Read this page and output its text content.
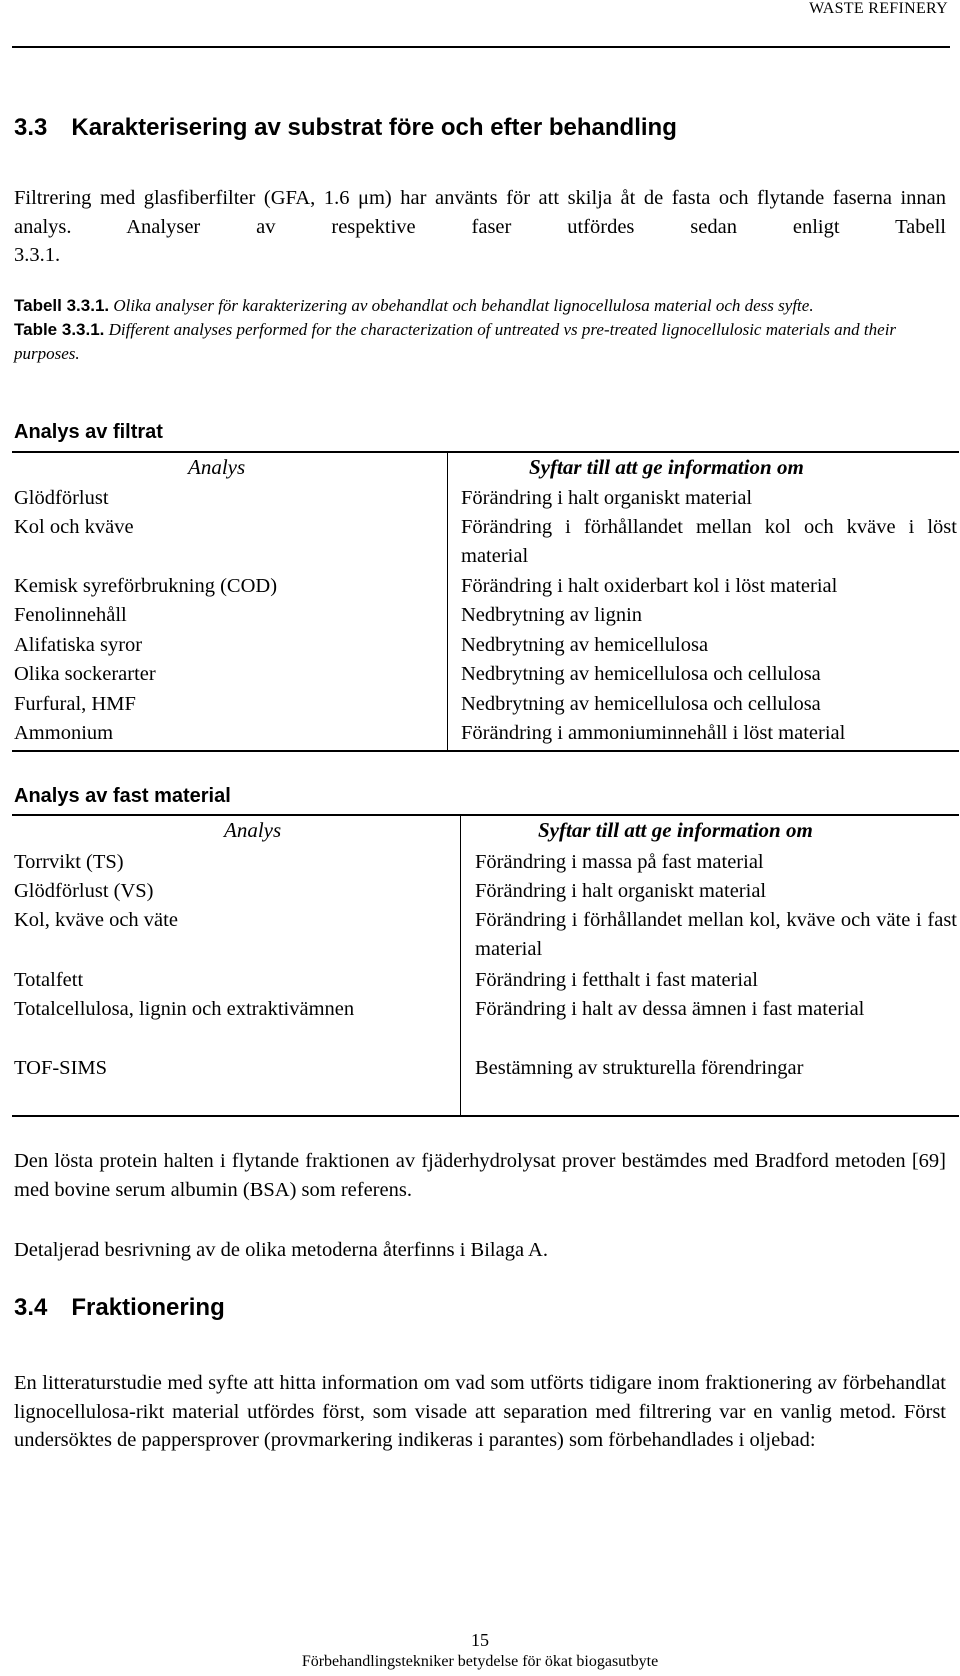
WASTE REFINERY
3.3 Karakterisering av substrat före och efter behandling
Filtrering med glasfiberfilter (GFA, 1.6 μm) har använts för att skilja åt de fasta och flytande faserna innan analys. Analyser av respektive faser utfördes sedan enligt Tabell
3.3.1.
Tabell 3.3.1. Olika analyser för karakterizering av obehandlat och behandlat lignocellulosa material och dess syfte.
Table 3.3.1. Different analyses performed for the characterization of untreated vs pre-treated lignocellulosic materials and their purposes.
Analys av filtrat
Analys	Syftar till att ge information om
Glödförlust	Förändring i halt organiskt material
Kol och kväve	Förändring i förhållandet mellan kol och kväve i löst material
Kemisk syreförbrukning (COD)	Förändring i halt oxiderbart kol i löst material
Fenolinnehåll	Nedbrytning av lignin
Alifatiska syror	Nedbrytning av hemicellulosa
Olika sockerarter	Nedbrytning av hemicellulosa och cellulosa
Furfural, HMF	Nedbrytning av hemicellulosa och cellulosa
Ammonium	Förändring i ammoniuminnehåll i löst material
Analys av fast material
Analys	Syftar till att ge information om
Torrvikt (TS)	Förändring i massa på fast material
Glödförlust (VS)	Förändring i halt organiskt material
Kol, kväve och väte	Förändring i förhållandet mellan kol, kväve och väte i fast material
Totalfett	Förändring i fetthalt i fast material
Totalcellulosa, lignin och extraktivämnen	Förändring i halt av dessa ämnen i fast material
TOF-SIMS	Bestämning av strukturella förendringar
Den lösta protein halten i flytande fraktionen av fjäderhydrolysat prover bestämdes med Bradford metoden [69] med bovine serum albumin (BSA) som referens.
Detaljerad besrivning av de olika metoderna återfinns i Bilaga A.
3.4 Fraktionering
En litteraturstudie med syfte att hitta information om vad som utförts tidigare inom fraktionering av förbehandlat lignocellulosa-rikt material utfördes först, som visade att separation med filtrering var en vanlig metod. Först undersöktes de pappersprover (provmarkering indikeras i parantes) som förbehandlades i oljebad:
15
Förbehandlingstekniker betydelse för ökat biogasutbyte
